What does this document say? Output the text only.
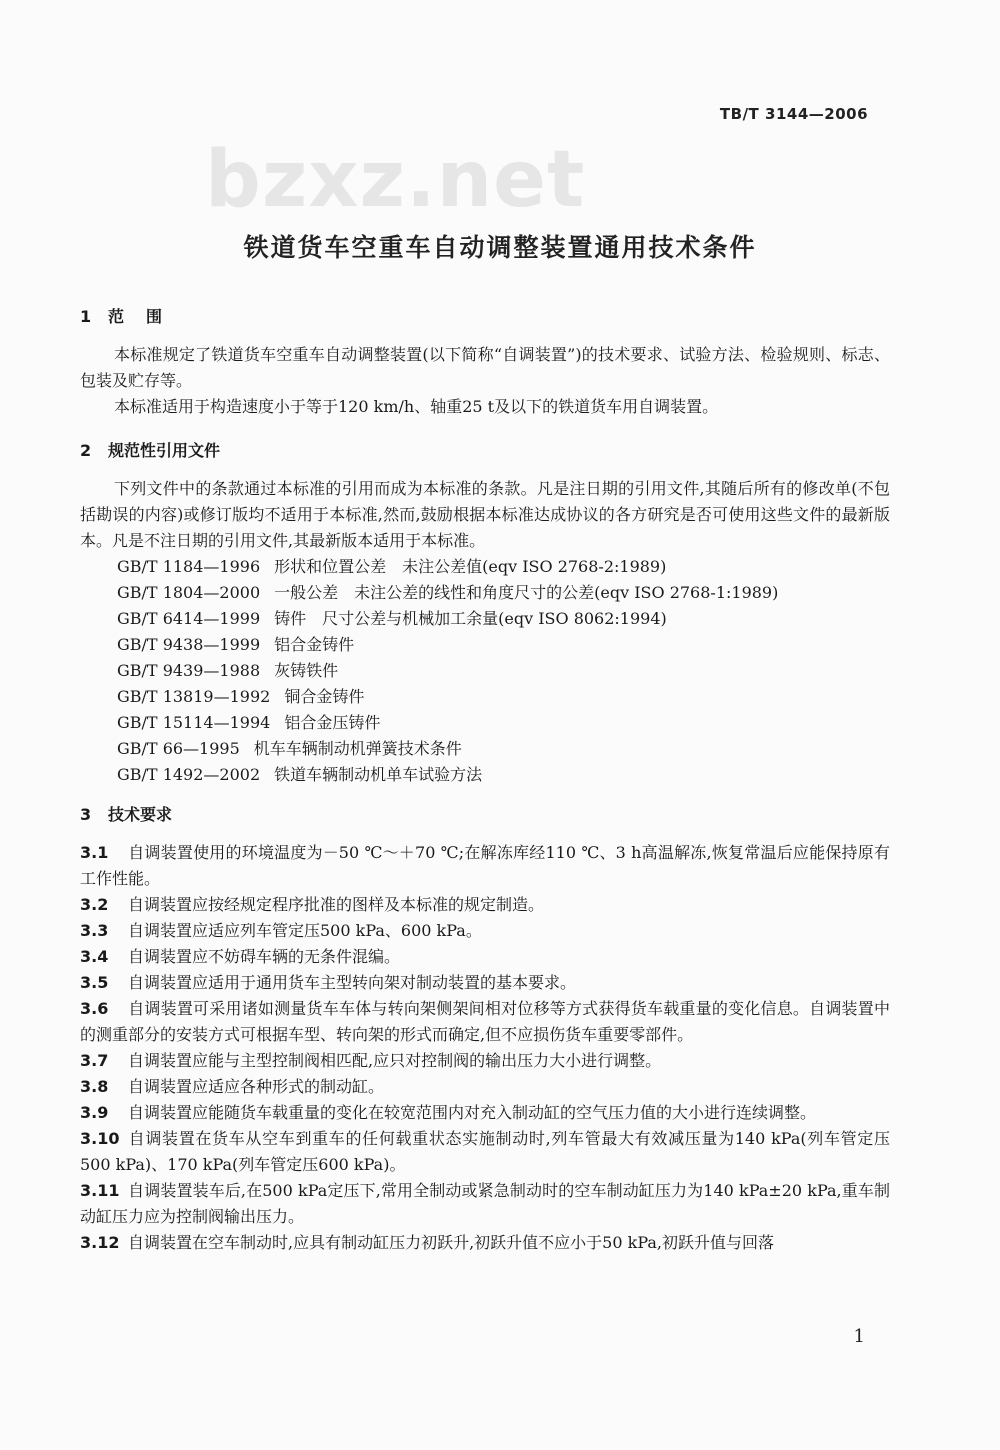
TB/T 3144—2006
bzxz.net
铁道货车空重车自动调整装置通用技术条件
1 范围

本标准规定了铁道货车空重车自动调整装置(以下简称“自调装置”)的技术要求、试验方法、检验规则、标志、包装及贮存等。

本标准适用于构造速度小于等于120 km/h、轴重25 t及以下的铁道货车用自调装置。

2 规范性引用文件

下列文件中的条款通过本标准的引用而成为本标准的条款。凡是注日期的引用文件,其随后所有的修改单(不包括勘误的内容)或修订版均不适用于本标准,然而,鼓励根据本标准达成协议的各方研究是否可使用这些文件的最新版本。凡是不注日期的引用文件,其最新版本适用于本标准。

GB/T 1184—1996 形状和位置公差　未注公差值(eqv ISO 2768-2:1989)
GB/T 1804—2000 一般公差　未注公差的线性和角度尺寸的公差(eqv ISO 2768-1:1989)
GB/T 6414—1999 铸件　尺寸公差与机械加工余量(eqv ISO 8062:1994)
GB/T 9438—1999 铝合金铸件
GB/T 9439—1988 灰铸铁件
GB/T 13819—1992 铜合金铸件
GB/T 15114—1994 铝合金压铸件
GB/T 66—1995 机车车辆制动机弹簧技术条件
GB/T 1492—2002 铁道车辆制动机单车试验方法
3 技术要求

3.1 自调装置使用的环境温度为－50 ℃～＋70 ℃;在解冻库经110 ℃、3 h高温解冻,恢复常温后应能保持原有工作性能。

3.2 自调装置应按经规定程序批准的图样及本标准的规定制造。

3.3 自调装置应适应列车管定压500 kPa、600 kPa。

3.4 自调装置应不妨碍车辆的无条件混编。

3.5 自调装置应适用于通用货车主型转向架对制动装置的基本要求。

3.6 自调装置可采用诸如测量货车车体与转向架侧架间相对位移等方式获得货车载重量的变化信息。自调装置中的测重部分的安装方式可根据车型、转向架的形式而确定,但不应损伤货车重要零部件。

3.7 自调装置应能与主型控制阀相匹配,应只对控制阀的输出压力大小进行调整。

3.8 自调装置应适应各种形式的制动缸。

3.9 自调装置应能随货车载重量的变化在较宽范围内对充入制动缸的空气压力值的大小进行连续调整。

3.10 自调装置在货车从空车到重车的任何载重状态实施制动时,列车管最大有效减压量为140 kPa(列车管定压500 kPa)、170 kPa(列车管定压600 kPa)。

3.11 自调装置装车后,在500 kPa定压下,常用全制动或紧急制动时的空车制动缸压力为140 kPa±20 kPa,重车制动缸压力应为控制阀输出压力。

3.12 自调装置在空车制动时,应具有制动缸压力初跃升,初跃升值不应小于50 kPa,初跃升值与回落

1
